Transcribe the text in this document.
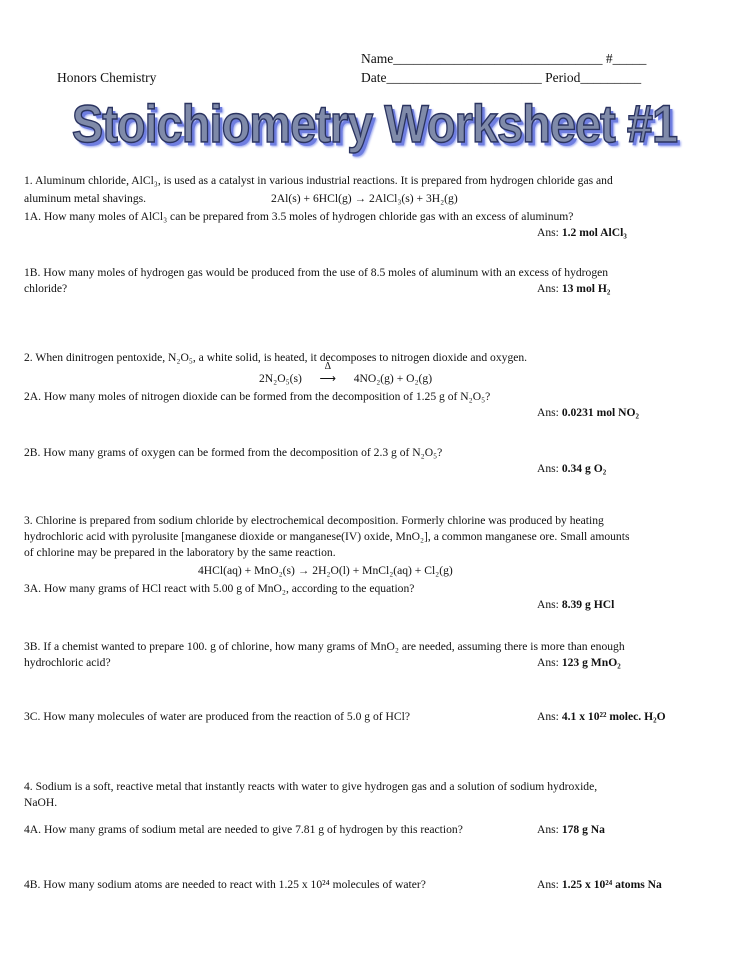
Honors Chemistry
Name_______________________________ #_____
Date_______________________ Period_________
Stoichiometry Worksheet #1
1. Aluminum chloride, AlCl₃, is used as a catalyst in various industrial reactions. It is prepared from hydrogen chloride gas and
aluminum metal shavings.	2Al(s) + 6HCl(g) → 2AlCl₃(s) + 3H₂(g)
1A. How many moles of AlCl₃ can be prepared from 3.5 moles of hydrogen chloride gas with an excess of aluminum?
Ans: 1.2 mol AlCl₃
1B. How many moles of hydrogen gas would be produced from the use of 8.5 moles of aluminum with an excess of hydrogen
chloride?	Ans: 13 mol H₂
2. When dinitrogen pentoxide, N₂O₅, a white solid, is heated, it decomposes to nitrogen dioxide and oxygen.
2N₂O₅(s)
Δ
⟶ 4NO₂(g) + O₂(g)
2A. How many moles of nitrogen dioxide can be formed from the decomposition of 1.25 g of N₂O₅?
Ans: 0.0231 mol NO₂
2B. How many grams of oxygen can be formed from the decomposition of 2.3 g of N₂O₅?
Ans: 0.34 g O₂
3. Chlorine is prepared from sodium chloride by electrochemical decomposition. Formerly chlorine was produced by heating
hydrochloric acid with pyrolusite [manganese dioxide or manganese(IV) oxide, MnO₂], a common manganese ore. Small amounts
of chlorine may be prepared in the laboratory by the same reaction.
4HCl(aq) + MnO₂(s) → 2H₂O(l) + MnCl₂(aq) + Cl₂(g)
3A. How many grams of HCl react with 5.00 g of MnO₂, according to the equation?
Ans: 8.39 g HCl
3B. If a chemist wanted to prepare 100. g of chlorine, how many grams of MnO₂ are needed, assuming there is more than enough
hydrochloric acid?	Ans: 123 g MnO₂
3C. How many molecules of water are produced from the reaction of 5.0 g of HCl?	Ans: 4.1 x 10²² molec. H₂O
4. Sodium is a soft, reactive metal that instantly reacts with water to give hydrogen gas and a solution of sodium hydroxide,
NaOH.
4A. How many grams of sodium metal are needed to give 7.81 g of hydrogen by this reaction?	Ans: 178 g Na
4B. How many sodium atoms are needed to react with 1.25 x 10²⁴ molecules of water?	Ans: 1.25 x 10²⁴ atoms Na
